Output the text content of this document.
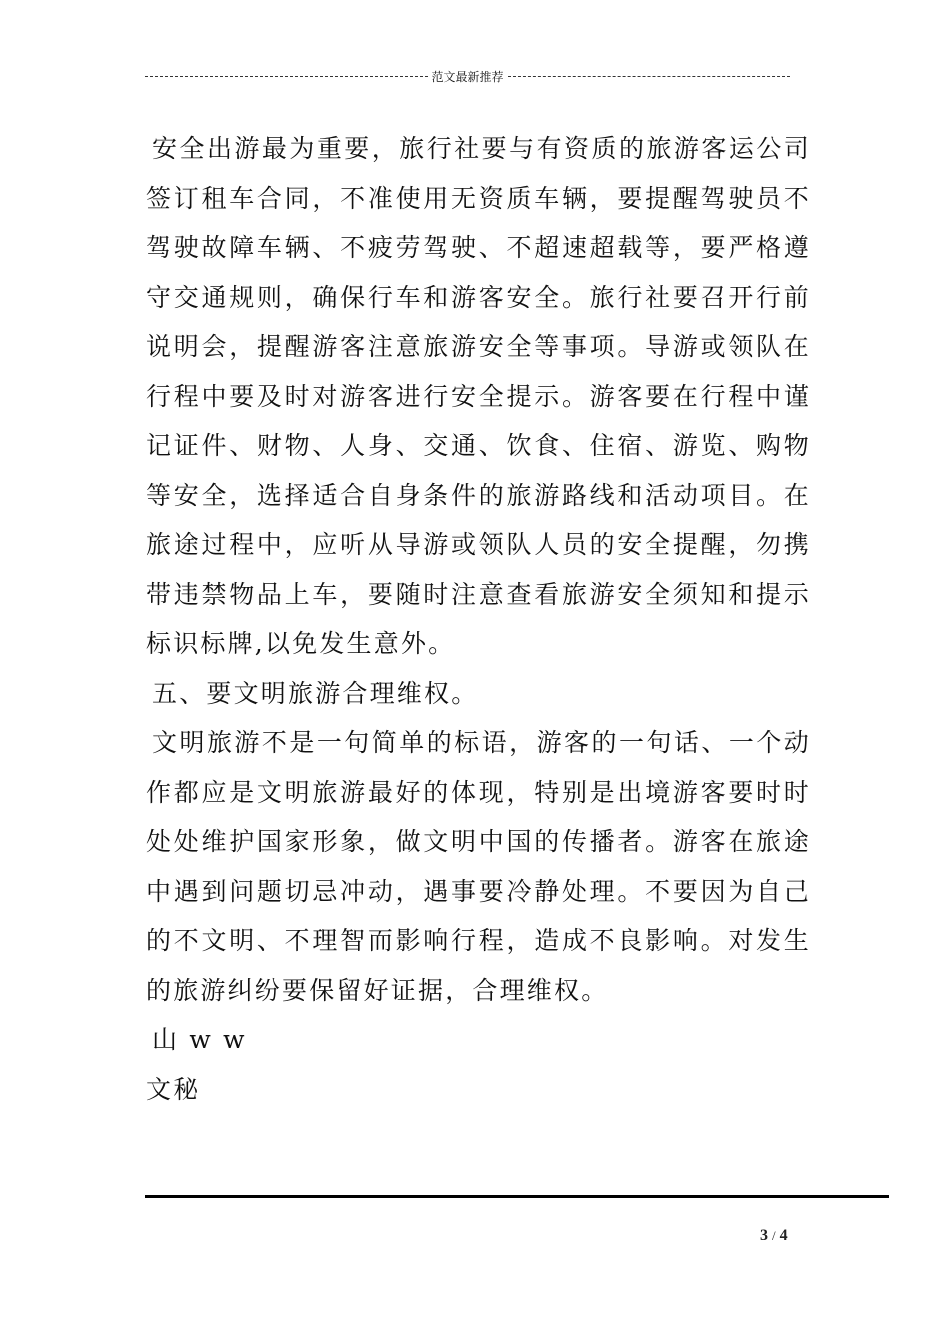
范文最新推荐

安全出游最为重要，旅行社要与有资质的旅游客运公司签订租车合同，不准使用无资质车辆，要提醒驾驶员不驾驶故障车辆、不疲劳驾驶、不超速超载等，要严格遵守交通规则，确保行车和游客安全。旅行社要召开行前说明会，提醒游客注意旅游安全等事项。导游或领队在行程中要及时对游客进行安全提示。游客要在行程中谨记证件、财物、人身、交通、饮食、住宿、游览、购物等安全，选择适合自身条件的旅游路线和活动项目。在旅途过程中，应听从导游或领队人员的安全提醒，勿携带违禁物品上车，要随时注意查看旅游安全须知和提示标识标牌,以免发生意外。

五、要文明旅游合理维权。

文明旅游不是一句简单的标语，游客的一句话、一个动作都应是文明旅游最好的体现，特别是出境游客要时时处处维护国家形象，做文明中国的传播者。游客在旅途中遇到问题切忌冲动，遇事要冷静处理。不要因为自己的不文明、不理智而影响行程，造成不良影响。对发生的旅游纠纷要保留好证据，合理维权。

山 w w

文秘

3 / 4
